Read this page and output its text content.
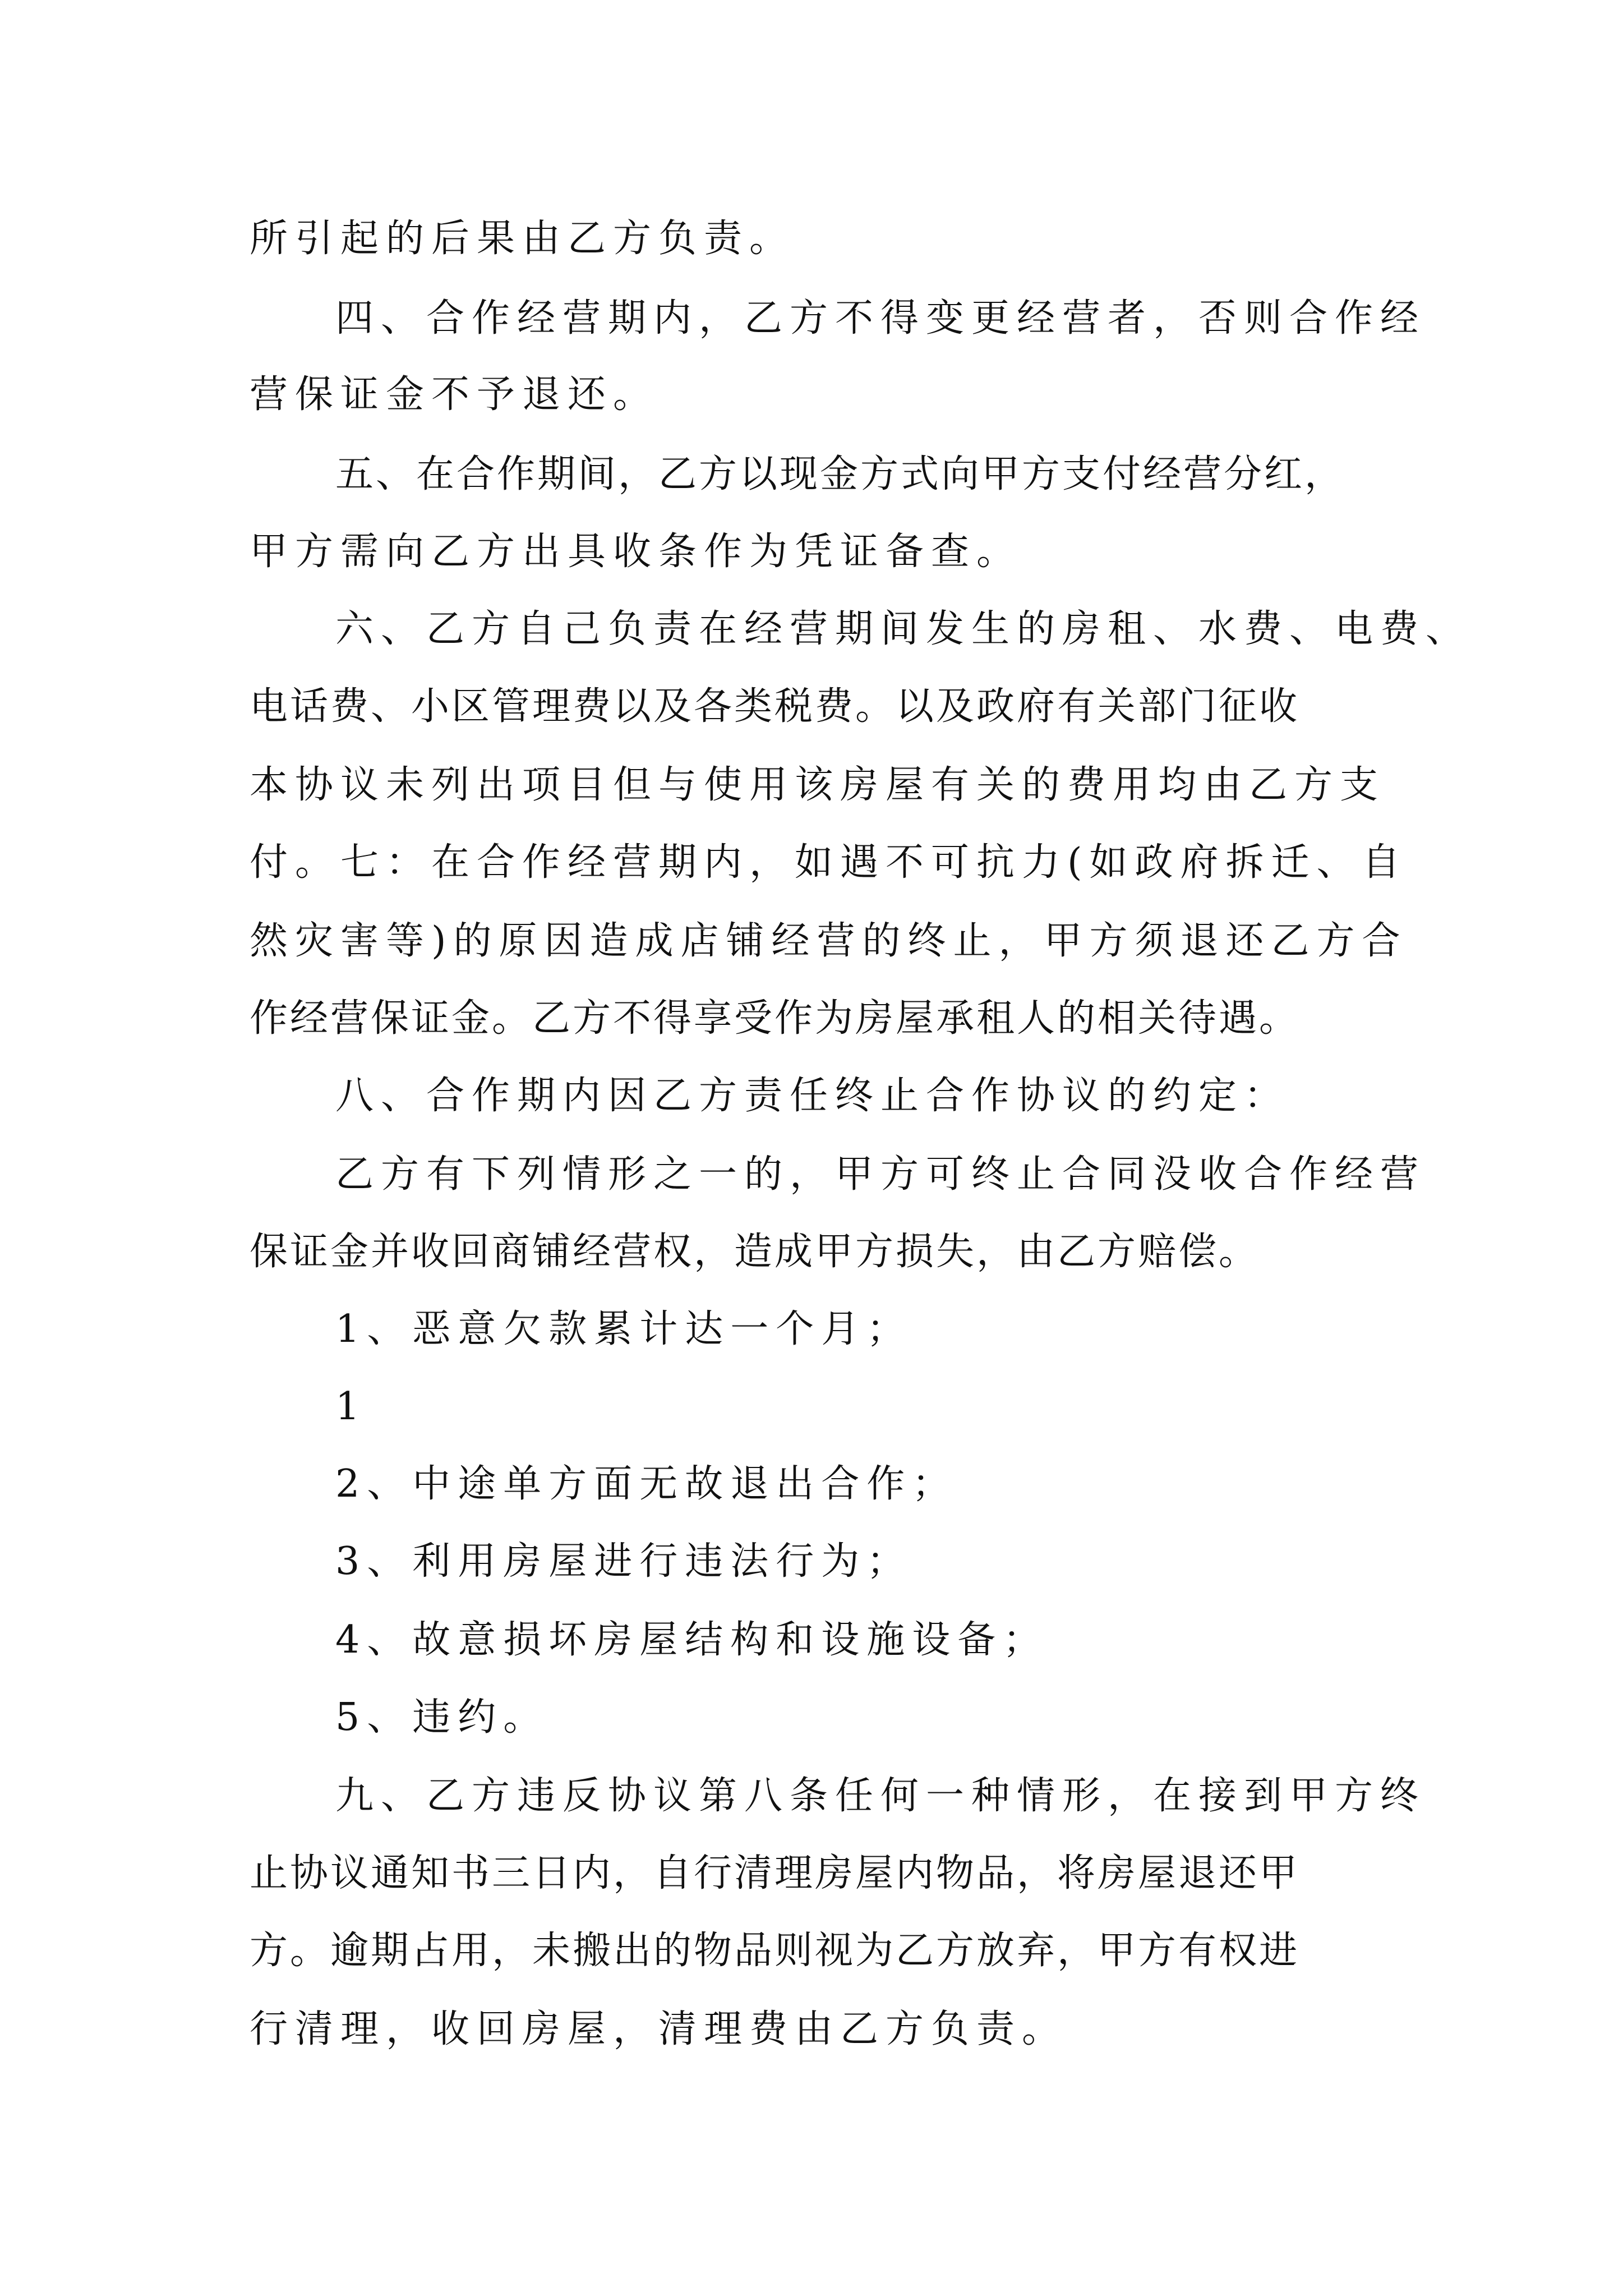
所引起的后果由乙方负责。
四、合作经营期内，乙方不得变更经营者，否则合作经
营保证金不予退还。
五、在合作期间，乙方以现金方式向甲方支付经营分红，
甲方需向乙方出具收条作为凭证备查。
六、乙方自己负责在经营期间发生的房租、水费、电费、
电话费、小区管理费以及各类税费。以及政府有关部门征收
本协议未列出项目但与使用该房屋有关的费用均由乙方支
付。七：在合作经营期内，如遇不可抗力(如政府拆迁、自
然灾害等)的原因造成店铺经营的终止，甲方须退还乙方合
作经营保证金。乙方不得享受作为房屋承租人的相关待遇。
八、合作期内因乙方责任终止合作协议的约定：
乙方有下列情形之一的，甲方可终止合同没收合作经营
保证金并收回商铺经营权，造成甲方损失，由乙方赔偿。
1、恶意欠款累计达一个月；
1
2、中途单方面无故退出合作；
3、利用房屋进行违法行为；
4、故意损坏房屋结构和设施设备；
5、违约。
九、乙方违反协议第八条任何一种情形，在接到甲方终
止协议通知书三日内，自行清理房屋内物品，将房屋退还甲
方。逾期占用，未搬出的物品则视为乙方放弃，甲方有权进
行清理，收回房屋，清理费由乙方负责。
